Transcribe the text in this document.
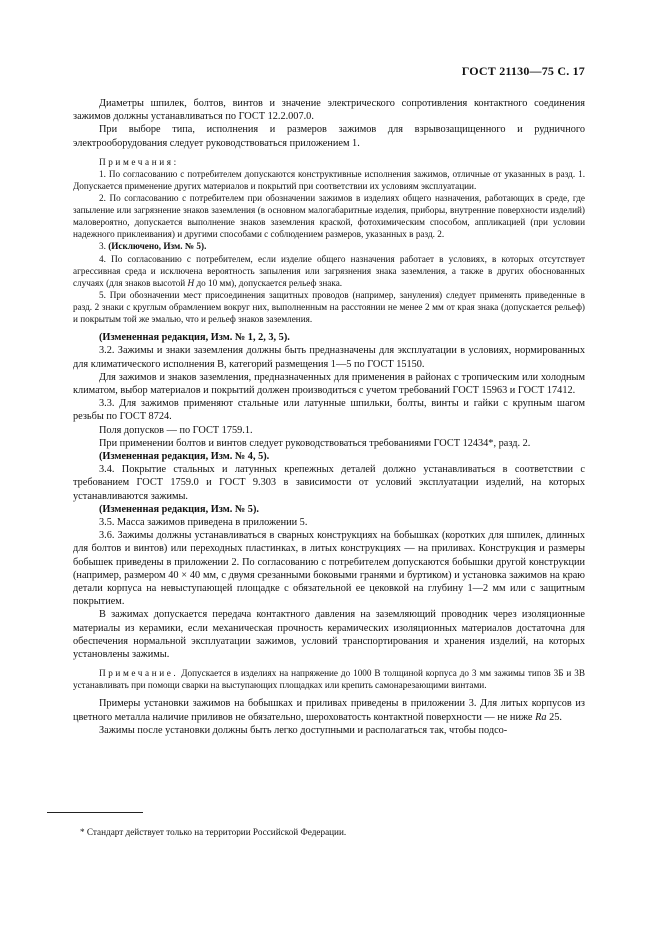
ГОСТ 21130—75 С. 17

Диаметры шпилек, болтов, винтов и значение электрического сопротивления контактного соединения зажимов должны устанавливаться по ГОСТ 12.2.007.0.

При выборе типа, исполнения и размеров зажимов для взрывозащищенного и рудничного электрооборудования следует руководствоваться приложением 1.

Примечания:

1. По согласованию с потребителем допускаются конструктивные исполнения зажимов, отличные от указанных в разд. 1. Допускается применение других материалов и покрытий при соответствии их условиям эксплуатации.

2. По согласованию с потребителем при обозначении зажимов в изделиях общего назначения, работающих в среде, где запыление или загрязнение знаков заземления (в основном малогабаритные изделия, приборы, внутренние поверхности изделий) маловероятно, допускается выполнение знаков заземления краской, фотохимическим способом, аппликацией (при условии надежного приклеивания) и другими способами с соблюдением размеров, указанных в разд. 2.

3. (Исключено, Изм. № 5).

4. По согласованию с потребителем, если изделие общего назначения работает в условиях, в которых отсутствует агрессивная среда и исключена вероятность запыления или загрязнения знака заземления, а также в других обоснованных случаях (для знаков высотой H до 10 мм), допускается рельеф знака.

5. При обозначении мест присоединения защитных проводов (например, зануления) следует применять приведенные в разд. 2 знаки с круглым обрамлением вокруг них, выполненным на расстоянии не менее 2 мм от края знака (допускается рельеф) и покрытым той же эмалью, что и рельеф знаков заземления.

(Измененная редакция, Изм. № 1, 2, 3, 5).

3.2. Зажимы и знаки заземления должны быть предназначены для эксплуатации в условиях, нормированных для климатического исполнения В, категорий размещения 1—5 по ГОСТ 15150.

Для зажимов и знаков заземления, предназначенных для применения в районах с тропическим или холодным климатом, выбор материалов и покрытий должен производиться с учетом требований ГОСТ 15963 и ГОСТ 17412.

3.3. Для зажимов применяют стальные или латунные шпильки, болты, винты и гайки с крупным шагом резьбы по ГОСТ 8724.

Поля допусков — по ГОСТ 1759.1.

При применении болтов и винтов следует руководствоваться требованиями ГОСТ 12434*, разд. 2.

(Измененная редакция, Изм. № 4, 5).

3.4. Покрытие стальных и латунных крепежных деталей должно устанавливаться в соответствии с требованием ГОСТ 1759.0 и ГОСТ 9.303 в зависимости от условий эксплуатации изделий, на которых устанавливаются зажимы.

(Измененная редакция, Изм. № 5).

3.5. Масса зажимов приведена в приложении 5.

3.6. Зажимы должны устанавливаться в сварных конструкциях на бобышках (коротких для шпилек, длинных для болтов и винтов) или переходных пластинках, в литых конструкциях — на приливах. Конструкция и размеры бобышек приведены в приложении 2. По согласованию с потребителем допускаются бобышки другой конструкции (например, размером 40 × 40 мм, с двумя срезанными боковыми гранями и буртиком) и установка зажимов на краю детали корпуса на невыступающей площадке с обязательной ее цековкой на глубину 1—2 мм или с защитным покрытием.

В зажимах допускается передача контактного давления на заземляющий проводник через изоляционные материалы из керамики, если механическая прочность керамических изоляционных материалов достаточна для обеспечения нормальной эксплуатации зажимов, условий транспортирования и хранения изделий, на которых установлены зажимы.

Примечание. Допускается в изделиях на напряжение до 1000 В толщиной корпуса до 3 мм зажимы типов 3Б и 3В устанавливать при помощи сварки на выступающих площадках или крепить самонарезающими винтами.

Примеры установки зажимов на бобышках и приливах приведены в приложении 3. Для литых корпусов из цветного металла наличие приливов не обязательно, шероховатость контактной поверхности — не ниже Ra 25.

Зажимы после установки должны быть легко доступными и располагаться так, чтобы подсо-

* Стандарт действует только на территории Российской Федерации.
